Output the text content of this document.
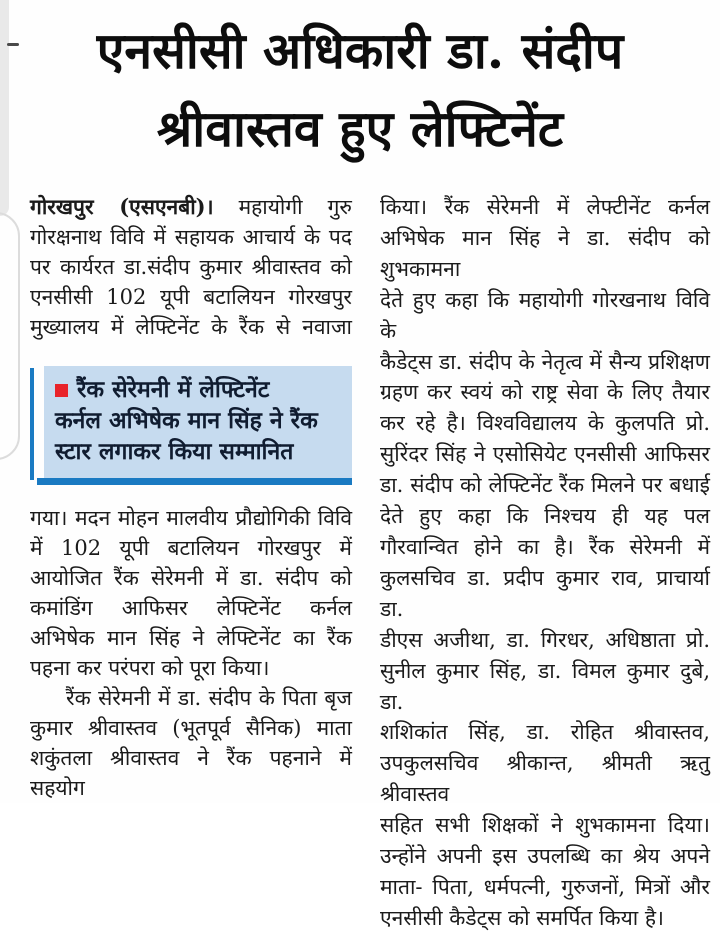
एनसीसी अधिकारी डा. संदीप
श्रीवास्तव हुए लेफ्टिनेंट
गोरखपुर (एसएनबी)। महायोगी गुरु
गोरक्षनाथ विवि में सहायक आचार्य के पद
पर कार्यरत डा.संदीप कुमार श्रीवास्तव को
एनसीसी 102 यूपी बटालियन गोरखपुर
मुख्यालय में लेफ्टिनेंट के रैंक से नवाजा
रैंक सेरेमनी में लेफ्टिनेंट
कर्नल अभिषेक मान सिंह ने रैंक
स्टार लगाकर किया सम्मानित
गया। मदन मोहन मालवीय प्रौद्योगिकी विवि
में 102 यूपी बटालियन गोरखपुर में
आयोजित रैंक सेरेमनी में डा. संदीप को
कमांडिंग आफिसर लेफ्टिनेंट कर्नल
अभिषेक मान सिंह ने लेफ्टिनेंट का रैंक
पहना कर परंपरा को पूरा किया।
रैंक सेरेमनी में डा. संदीप के पिता बृज
कुमार श्रीवास्तव (भूतपूर्व सैनिक) माता
शकुंतला श्रीवास्तव ने रैंक पहनाने में सहयोग
किया। रैंक सेरेमनी में लेफ्टीनेंट कर्नल
अभिषेक मान सिंह ने डा. संदीप को शुभकामना
देते हुए कहा कि महायोगी गोरखनाथ विवि के
कैडेट्स डा. संदीप के नेतृत्व में सैन्य प्रशिक्षण
ग्रहण कर स्वयं को राष्ट्र सेवा के लिए तैयार
कर रहे है। विश्वविद्यालय के कुलपति प्रो.
सुरिंदर सिंह ने एसोसियेट एनसीसी आफिसर
डा. संदीप को लेफ्टिनेंट रैंक मिलने पर बधाई
देते हुए कहा कि निश्चय ही यह पल
गौरवान्वित होने का है। रैंक सेरेमनी में
कुलसचिव डा. प्रदीप कुमार राव, प्राचार्या डा.
डीएस अजीथा, डा. गिरधर, अधिष्ठाता प्रो.
सुनील कुमार सिंह, डा. विमल कुमार दुबे, डा.
शशिकांत सिंह, डा. रोहित श्रीवास्तव,
उपकुलसचिव श्रीकान्त, श्रीमती ऋतु श्रीवास्तव
सहित सभी शिक्षकों ने शुभकामना दिया।
उन्होंने अपनी इस उपलब्धि का श्रेय अपने
माता- पिता, धर्मपत्नी, गुरुजनों, मित्रों और
एनसीसी कैडेट्स को समर्पित किया है।
